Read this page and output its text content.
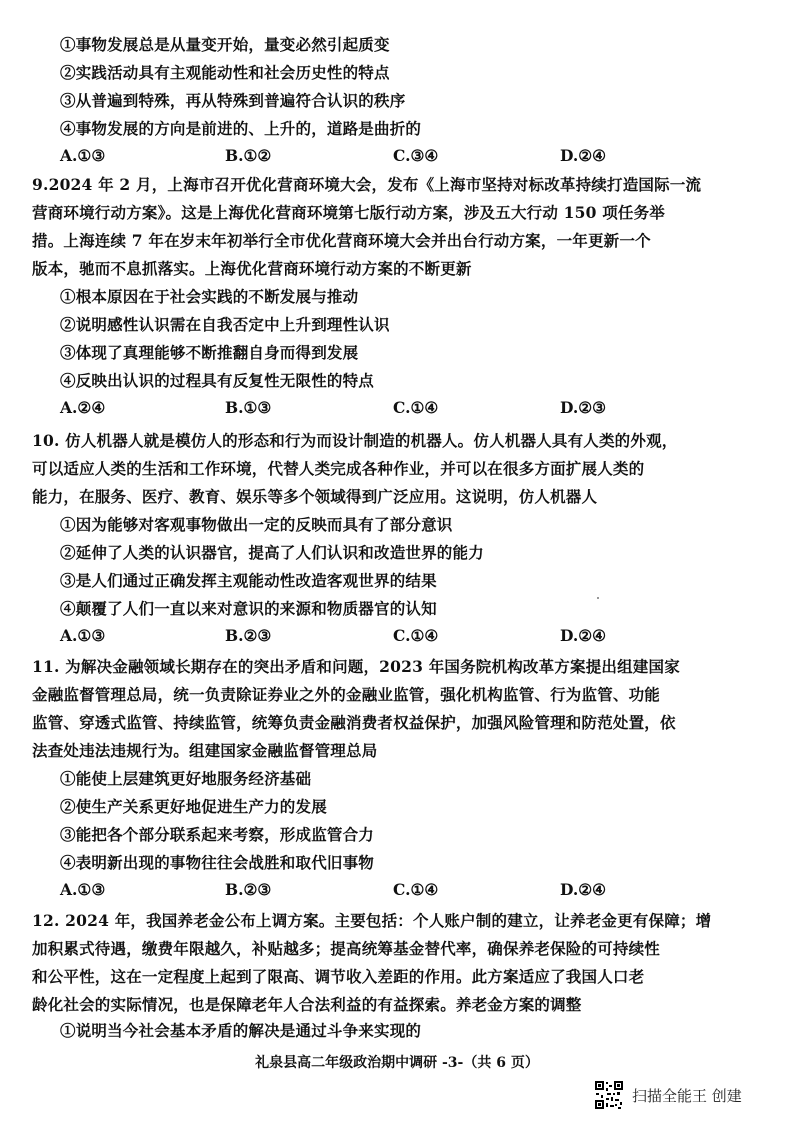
①事物发展总是从量变开始，量变必然引起质变
②实践活动具有主观能动性和社会历史性的特点
③从普遍到特殊，再从特殊到普遍符合认识的秩序
④事物发展的方向是前进的、上升的，道路是曲折的
A.①③	B.①②	C.③④	D.②④
9.2024 年 2 月，上海市召开优化营商环境大会，发布《上海市坚持对标改革持续打造国际一流
营商环境行动方案》。这是上海优化营商环境第七版行动方案，涉及五大行动 150 项任务举
措。上海连续 7 年在岁末年初举行全市优化营商环境大会并出台行动方案，一年更新一个
版本，驰而不息抓落实。上海优化营商环境行动方案的不断更新
①根本原因在于社会实践的不断发展与推动
②说明感性认识需在自我否定中上升到理性认识
③体现了真理能够不断推翻自身而得到发展
④反映出认识的过程具有反复性无限性的特点
A.②④	B.①③	C.①④	D.②③
10. 仿人机器人就是模仿人的形态和行为而设计制造的机器人。仿人机器人具有人类的外观，
可以适应人类的生活和工作环境，代替人类完成各种作业，并可以在很多方面扩展人类的
能力，在服务、医疗、教育、娱乐等多个领域得到广泛应用。这说明，仿人机器人
①因为能够对客观事物做出一定的反映而具有了部分意识
②延伸了人类的认识器官，提高了人们认识和改造世界的能力
③是人们通过正确发挥主观能动性改造客观世界的结果
④颠覆了人们一直以来对意识的来源和物质器官的认知
A.①③	B.②③	C.①④	D.②④
11. 为解决金融领域长期存在的突出矛盾和问题，2023 年国务院机构改革方案提出组建国家
金融监督管理总局，统一负责除证券业之外的金融业监管，强化机构监管、行为监管、功能
监管、穿透式监管、持续监管，统筹负责金融消费者权益保护，加强风险管理和防范处置，依
法查处违法违规行为。组建国家金融监督管理总局
①能使上层建筑更好地服务经济基础
②使生产关系更好地促进生产力的发展
③能把各个部分联系起来考察，形成监管合力
④表明新出现的事物往往会战胜和取代旧事物
A.①③	B.②③	C.①④	D.②④
12. 2024 年，我国养老金公布上调方案。主要包括：个人账户制的建立，让养老金更有保障；增
加积累式待遇，缴费年限越久，补贴越多；提高统筹基金替代率，确保养老保险的可持续性
和公平性，这在一定程度上起到了限高、调节收入差距的作用。此方案适应了我国人口老
龄化社会的实际情况，也是保障老年人合法利益的有益探索。养老金方案的调整
①说明当今社会基本矛盾的解决是通过斗争来实现的
礼泉县高二年级政治期中调研 -3-（共 6 页）
扫描全能王 创建
